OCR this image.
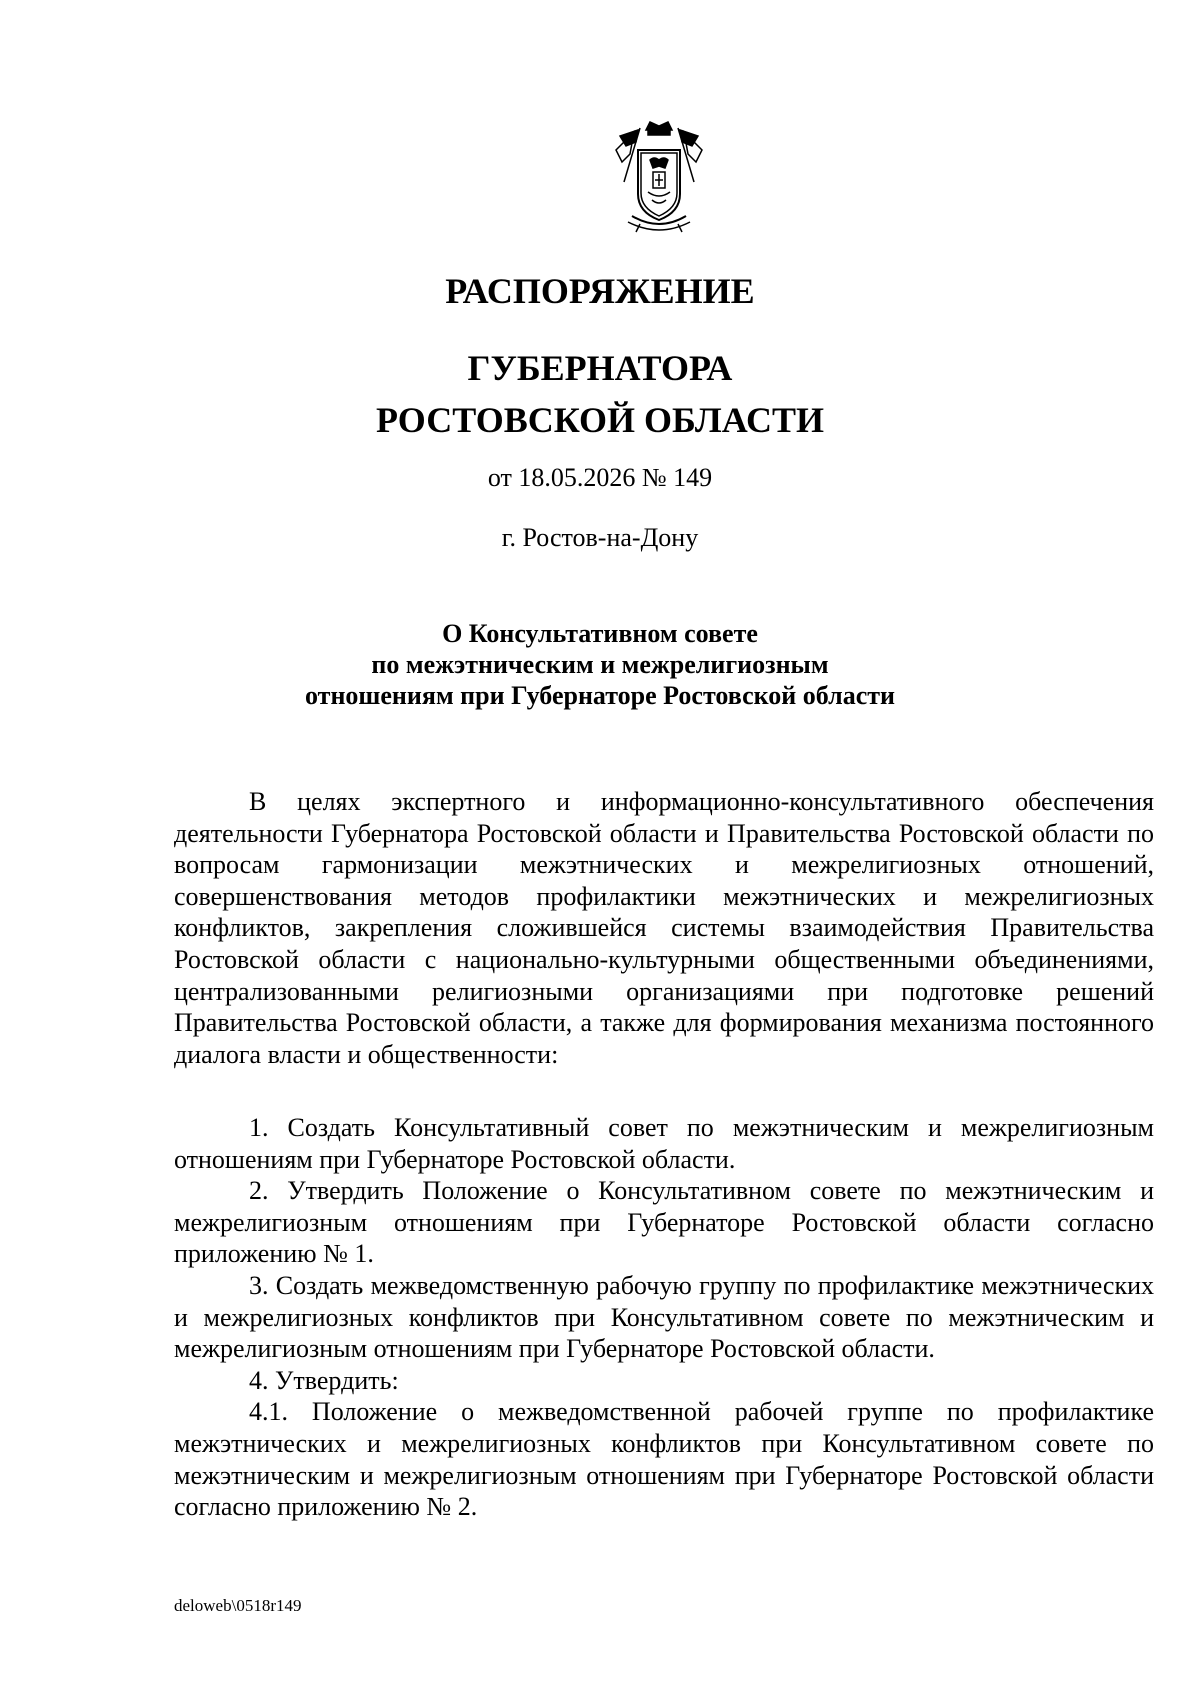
РАСПОРЯЖЕНИЕ
ГУБЕРНАТОРА
РОСТОВСКОЙ ОБЛАСТИ
от 18.05.2026 № 149
г. Ростов-на-Дону
О Консультативном совете
по межэтническим и межрелигиозным
отношениям при Губернаторе Ростовской области

В целях экспертного и информационно-консультативного обеспечения деятельности Губернатора Ростовской области и Правительства Ростовской области по вопросам гармонизации межэтнических и межрелигиозных отношений, совершенствования методов профилактики межэтнических и межрелигиозных конфликтов, закрепления сложившейся системы взаимодействия Правительства Ростовской области с национально-культурными общественными объединениями, централизованными религиозными организациями при подготовке решений Правительства Ростовской области, а также для формирования механизма постоянного диалога власти и общественности:

1. Создать Консультативный совет по межэтническим и межрелигиозным отношениям при Губернаторе Ростовской области.

2. Утвердить Положение о Консультативном совете по межэтническим и межрелигиозным отношениям при Губернаторе Ростовской области согласно приложению № 1.

3. Создать межведомственную рабочую группу по профилактике межэтнических и межрелигиозных конфликтов при Консультативном совете по межэтническим и межрелигиозным отношениям при Губернаторе Ростовской области.

4. Утвердить:

4.1. Положение о межведомственной рабочей группе по профилактике межэтнических и межрелигиозных конфликтов при Консультативном совете по межэтническим и межрелигиозным отношениям при Губернаторе Ростовской области согласно приложению № 2.

deloweb\0518r149
